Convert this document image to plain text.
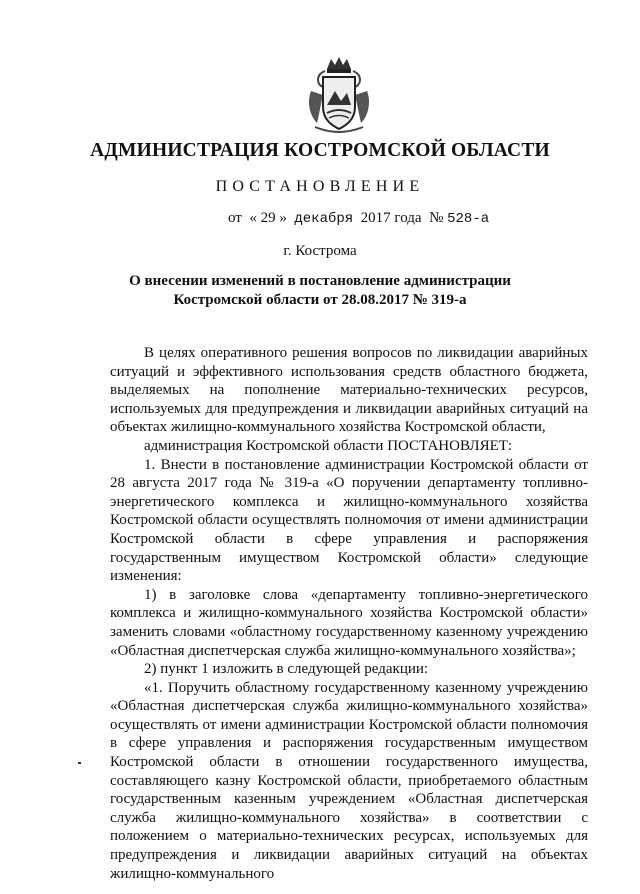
АДМИНИСТРАЦИЯ КОСТРОМСКОЙ ОБЛАСТИ
ПОСТАНОВЛЕНИЕ
от « 29 » декабря 2017 года № 528-а
г. Кострома
О внесении изменений в постановление администрации
Костромской области от 28.08.2017 № 319-а

В целях оперативного решения вопросов по ликвидации аварийных ситуаций и эффективного использования средств областного бюджета, выделяемых на пополнение материально-технических ресурсов, используемых для предупреждения и ликвидации аварийных ситуаций на объектах жилищно-коммунального хозяйства Костромской области,

администрация Костромской области ПОСТАНОВЛЯЕТ:

1. Внести в постановление администрации Костромской области от 28 августа 2017 года № 319-а «О поручении департаменту топливно-энергетического комплекса и жилищно-коммунального хозяйства Костромской области осуществлять полномочия от имени администрации Костромской области в сфере управления и распоряжения государственным имуществом Костромской области» следующие изменения:

1) в заголовке слова «департаменту топливно-энергетического комплекса и жилищно-коммунального хозяйства Костромской области» заменить словами «областному государственному казенному учреждению «Областная диспетчерская служба жилищно-коммунального хозяйства»;

2) пункт 1 изложить в следующей редакции:

«1. Поручить областному государственному казенному учреждению «Областная диспетчерская служба жилищно-коммунального хозяйства» осуществлять от имени администрации Костромской области полномочия в сфере управления и распоряжения государственным имуществом Костромской области в отношении государственного имущества, составляющего казну Костромской области, приобретаемого областным государственным казенным учреждением «Областная диспетчерская служба жилищно-коммунального хозяйства» в соответствии с положением о материально-технических ресурсах, используемых для предупреждения и ликвидации аварийных ситуаций на объектах жилищно-коммунального
